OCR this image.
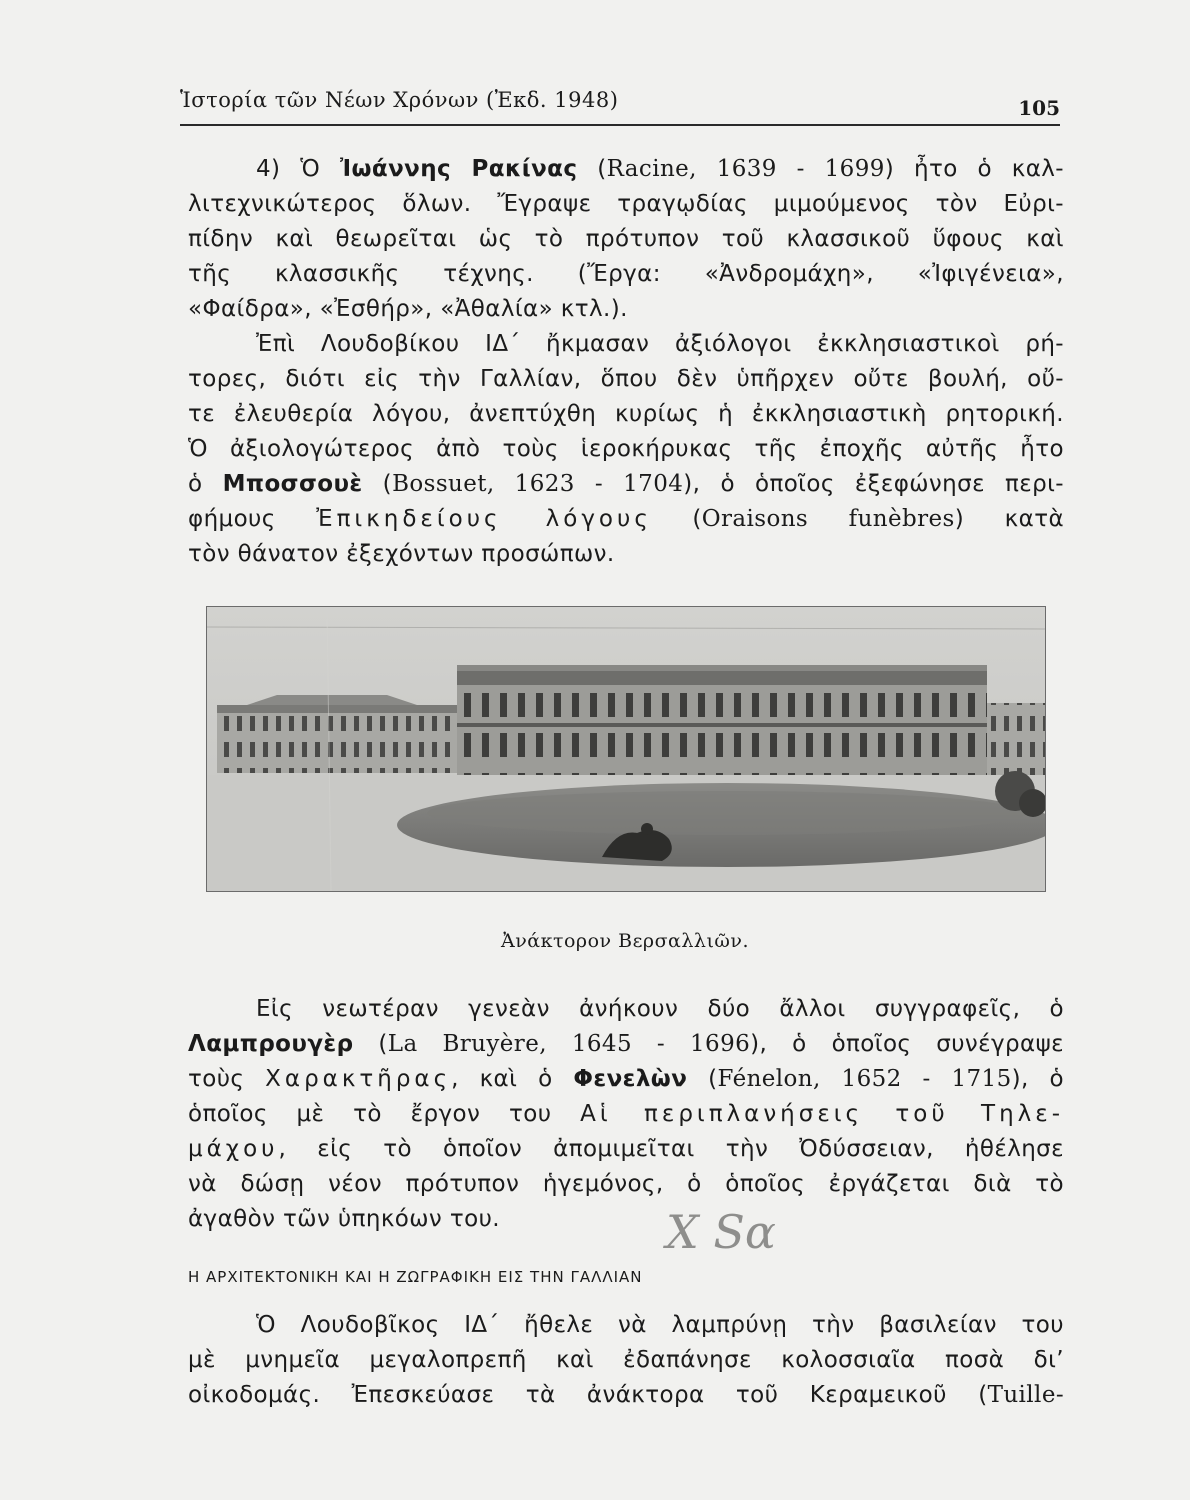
Ἱστορία τῶν Νέων Χρόνων (Ἐκδ. 1948)	105
4) Ὁ Ἰωάννης Ρακίνας (Racine, 1639 - 1699) ἦτο ὁ καλ-
λιτεχνικώτερος ὅλων. Ἔγραψε τραγῳδίας μιμούμενος τὸν Εὐρι-
πίδην καὶ θεωρεῖται ὡς τὸ πρότυπον τοῦ κλασσικοῦ ὕφους καὶ
τῆς κλασσικῆς τέχνης. (Ἔργα: «Ἀνδρομάχη», «Ἰφιγένεια»,
«Φαίδρα», «Ἐσθήρ», «Ἀθαλία» κτλ.).
Ἐπὶ Λουδοβίκου ΙΔ΄ ἤκμασαν ἀξιόλογοι ἐκκλησιαστικοὶ ρή-
τορες, διότι εἰς τὴν Γαλλίαν, ὅπου δὲν ὑπῆρχεν οὔτε βουλή, οὔ-
τε ἐλευθερία λόγου, ἀνεπτύχθη κυρίως ἡ ἐκκλησιαστικὴ ρητορική.
Ὁ ἀξιολογώτερος ἀπὸ τοὺς ἱεροκήρυκας τῆς ἐποχῆς αὐτῆς ἦτο
ὁ Μποσσουὲ (Bossuet, 1623 - 1704), ὁ ὁποῖος ἐξεφώνησε περι-
φήμους Ἐπικηδείους λόγους (Oraisons funèbres) κατὰ
τὸν θάνατον ἐξεχόντων προσώπων.
Ἀνάκτορον Βερσαλλιῶν.
Εἰς νεωτέραν γενεὰν ἀνήκουν δύο ἄλλοι συγγραφεῖς, ὁ
Λαμπρουγὲρ (La Bruyère, 1645 - 1696), ὁ ὁποῖος συνέγραψε
τοὺς Χαρακτῆρας, καὶ ὁ Φενελὼν (Fénelon, 1652 - 1715), ὁ
ὁποῖος μὲ τὸ ἔργον του Αἱ περιπλανήσεις τοῦ Τηλε-
μάχου, εἰς τὸ ὁποῖον ἀπομιμεῖται τὴν Ὀδύσσειαν, ἠθέλησε
νὰ δώσῃ νέον πρότυπον ἡγεμόνος, ὁ ὁποῖος ἐργάζεται διὰ τὸ
ἀγαθὸν τῶν ὑπηκόων του.	X Sα
Η ΑΡΧΙΤΕΚΤΟΝΙΚΗ ΚΑΙ Η ΖΩΓΡΑΦΙΚΗ ΕΙΣ ΤΗΝ ΓΑΛΛΙΑΝ
Ὁ Λουδοβῖκος ΙΔ΄ ἤθελε νὰ λαμπρύνῃ τὴν βασιλείαν του
μὲ μνημεῖα μεγαλοπρεπῆ καὶ ἐδαπάνησε κολοσσιαῖα ποσὰ δι’
οἰκοδομάς. Ἐπεσκεύασε τὰ ἀνάκτορα τοῦ Κεραμεικοῦ (Tuille-
